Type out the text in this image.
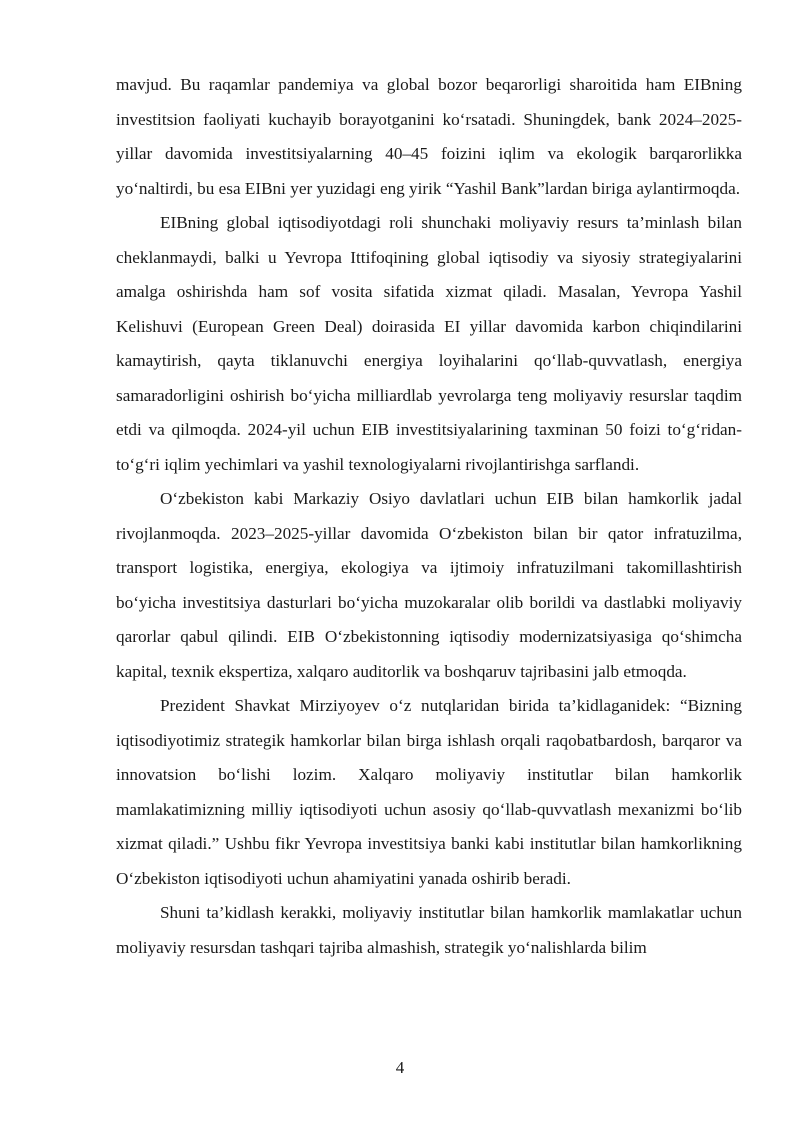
mavjud. Bu raqamlar pandemiya va global bozor beqarorligi sharoitida ham EIBning investitsion faoliyati kuchayib borayotganini ko‘rsatadi. Shuningdek, bank 2024–2025-yillar davomida investitsiyalarning 40–45 foizini iqlim va ekologik barqarorlikka yo‘naltirdi, bu esa EIBni yer yuzidagi eng yirik “Yashil Bank”lardan biriga aylantirmoqda.

EIBning global iqtisodiyotdagi roli shunchaki moliyaviy resurs ta’minlash bilan cheklanmaydi, balki u Yevropa Ittifoqining global iqtisodiy va siyosiy strategiyalarini amalga oshirishda ham sof vosita sifatida xizmat qiladi. Masalan, Yevropa Yashil Kelishuvi (European Green Deal) doirasida EI yillar davomida karbon chiqindilarini kamaytirish, qayta tiklanuvchi energiya loyihalarini qo‘llab-quvvatlash, energiya samaradorligini oshirish bo‘yicha milliardlab yevrolarga teng moliyaviy resurslar taqdim etdi va qilmoqda. 2024-yil uchun EIB investitsiyalarining taxminan 50 foizi to‘g‘ridan-to‘g‘ri iqlim yechimlari va yashil texnologiyalarni rivojlantirishga sarflandi.

O‘zbekiston kabi Markaziy Osiyo davlatlari uchun EIB bilan hamkorlik jadal rivojlanmoqda. 2023–2025-yillar davomida O‘zbekiston bilan bir qator infratuzilma, transport logistika, energiya, ekologiya va ijtimoiy infratuzilmani takomillashtirish bo‘yicha investitsiya dasturlari bo‘yicha muzokaralar olib borildi va dastlabki moliyaviy qarorlar qabul qilindi. EIB O‘zbekistonning iqtisodiy modernizatsiyasiga qo‘shimcha kapital, texnik ekspertiza, xalqaro auditorlik va boshqaruv tajribasini jalb etmoqda.

Prezident Shavkat Mirziyoyev o‘z nutqlaridan birida ta’kidlaganidek: “Bizning iqtisodiyotimiz strategik hamkorlar bilan birga ishlash orqali raqobatbardosh, barqaror va innovatsion bo‘lishi lozim. Xalqaro moliyaviy institutlar bilan hamkorlik mamlakatimizning milliy iqtisodiyoti uchun asosiy qo‘llab-quvvatlash mexanizmi bo‘lib xizmat qiladi.” Ushbu fikr Yevropa investitsiya banki kabi institutlar bilan hamkorlikning O‘zbekiston iqtisodiyoti uchun ahamiyatini yanada oshirib beradi.

Shuni ta’kidlash kerakki, moliyaviy institutlar bilan hamkorlik mamlakatlar uchun moliyaviy resursdan tashqari tajriba almashish, strategik yo‘nalishlarda bilim

4
